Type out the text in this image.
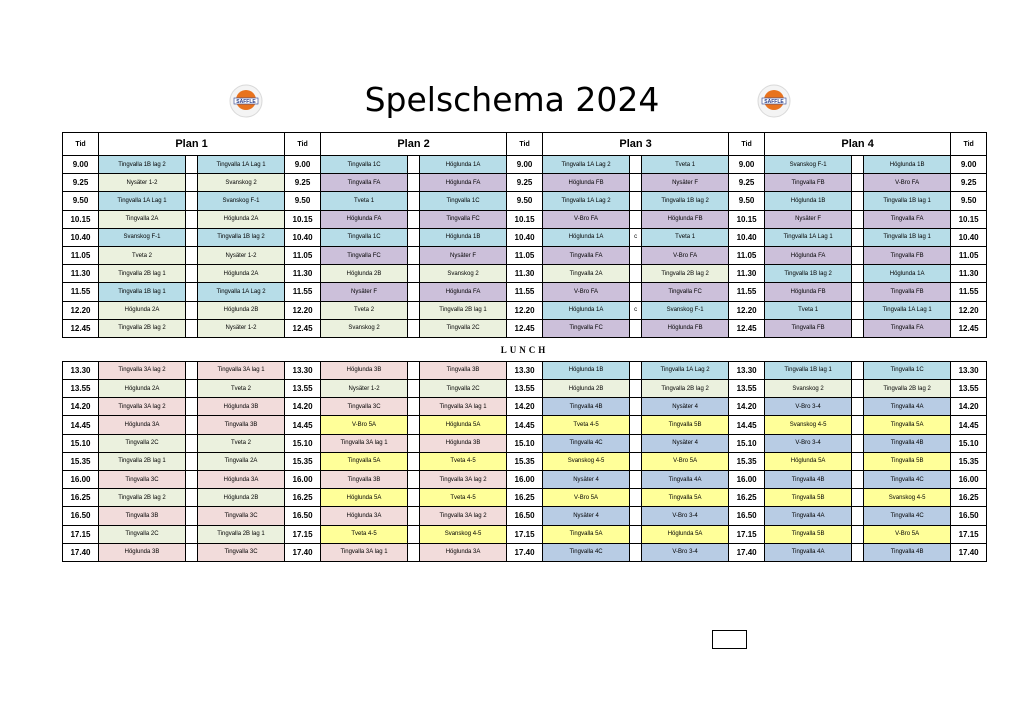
Spelschema 2024
SÄFFLE	SÄFFLE
Tid	Plan 1			Tid	Plan 2			Tid	Plan 3			Tid	Plan 4			Tid
9.00	Tingvalla 1B lag 2		Tingvalla 1A Lag 1	9.00	Tingvalla 1C		Höglunda 1A	9.00	Tingvalla 1A Lag 2		Tveta 1	9.00	Svanskog F-1		Höglunda 1B	9.00
9.25	Nysäter 1-2		Svanskog 2	9.25	Tingvalla FA		Höglunda FA	9.25	Höglunda FB		Nysäter F	9.25	Tingvalla FB		V-Bro FA	9.25
9.50	Tingvalla 1A Lag 1		Svanskog F-1	9.50	Tveta 1		Tingvalla 1C	9.50	Tingvalla 1A Lag 2		Tingvalla 1B lag 2	9.50	Höglunda 1B		Tingvalla 1B lag 1	9.50
10.15	Tingvalla 2A		Höglunda 2A	10.15	Höglunda FA		Tingvalla FC	10.15	V-Bro FA		Höglunda FB	10.15	Nysäter F		Tingvalla FA	10.15
10.40	Svanskog F-1		Tingvalla 1B lag 2	10.40	Tingvalla 1C		Höglunda 1B	10.40	Höglunda 1A	c	Tveta 1	10.40	Tingvalla 1A Lag 1		Tingvalla 1B lag 1	10.40
11.05	Tveta 2		Nysäter 1-2	11.05	Tingvalla FC		Nysäter F	11.05	Tingvalla FA		V-Bro FA	11.05	Höglunda FA		Tingvalla FB	11.05
11.30	Tingvalla 2B lag 1		Höglunda 2A	11.30	Höglunda 2B		Svanskog 2	11.30	Tingvalla 2A		Tingvalla 2B lag 2	11.30	Tingvalla 1B lag 2		Höglunda 1A	11.30
11.55	Tingvalla 1B lag 1		Tingvalla 1A Lag 2	11.55	Nysäter F		Höglunda FA	11.55	V-Bro FA		Tingvalla FC	11.55	Höglunda FB		Tingvalla FB	11.55
12.20	Höglunda 2A		Höglunda 2B	12.20	Tveta 2		Tingvalla 2B lag 1	12.20	Höglunda 1A	c	Svanskog F-1	12.20	Tveta 1		Tingvalla 1A Lag 1	12.20
12.45	Tingvalla 2B lag 2		Nysäter 1-2	12.45	Svanskog 2		Tingvalla 2C	12.45	Tingvalla FC		Höglunda FB	12.45	Tingvalla FB		Tingvalla FA	12.45

LUNCH																

13.30	Tingvalla 3A lag 2		Tingvalla 3A lag 1	13.30	Höglunda 3B		Tingvalla 3B	13.30	Höglunda 1B		Tingvalla 1A Lag 2	13.30	Tingvalla 1B lag 1		Tingvalla 1C	13.30
13.55	Höglunda 2A		Tveta 2	13.55	Nysäter 1-2		Tingvalla 2C	13.55	Höglunda 2B		Tingvalla 2B lag 2	13.55	Svanskog 2		Tingvalla 2B lag 2	13.55
14.20	Tingvalla 3A lag 2		Höglunda 3B	14.20	Tingvalla 3C		Tingvalla 3A lag 1	14.20	Tingvalla 4B		Nysäter 4	14.20	V-Bro 3-4		Tingvalla 4A	14.20
14.45	Höglunda 3A		Tingvalla 3B	14.45	V-Bro 5A		Höglunda 5A	14.45	Tveta 4-5		Tingvalla 5B	14.45	Svanskog 4-5		Tingvalla 5A	14.45
15.10	Tingvalla 2C		Tveta 2	15.10	Tingvalla 3A lag 1		Höglunda 3B	15.10	Tingvalla 4C		Nysäter 4	15.10	V-Bro 3-4		Tingvalla 4B	15.10
15.35	Tingvalla 2B lag 1		Tingvalla 2A	15.35	Tingvalla 5A		Tveta 4-5	15.35	Svanskog 4-5		V-Bro 5A	15.35	Höglunda 5A		Tingvalla 5B	15.35
16.00	Tingvalla 3C		Höglunda 3A	16.00	Tingvalla 3B		Tingvalla 3A lag 2	16.00	Nysäter 4		Tingvalla 4A	16.00	Tingvalla 4B		Tingvalla 4C	16.00
16.25	Tingvalla 2B lag 2		Höglunda 2B	16.25	Höglunda 5A		Tveta 4-5	16.25	V-Bro 5A		Tingvalla 5A	16.25	Tingvalla 5B		Svanskog 4-5	16.25
16.50	Tingvalla 3B		Tingvalla 3C	16.50	Höglunda 3A		Tingvalla 3A lag 2	16.50	Nysäter 4		V-Bro 3-4	16.50	Tingvalla 4A		Tingvalla 4C	16.50
17.15	Tingvalla 2C		Tingvalla 2B lag 1	17.15	Tveta 4-5		Svanskog 4-5	17.15	Tingvalla 5A		Höglunda 5A	17.15	Tingvalla 5B		V-Bro 5A	17.15
17.40	Höglunda 3B		Tingvalla 3C	17.40	Tingvalla 3A lag 1		Höglunda 3A	17.40	Tingvalla 4C		V-Bro 3-4	17.40	Tingvalla 4A		Tingvalla 4B	17.40
